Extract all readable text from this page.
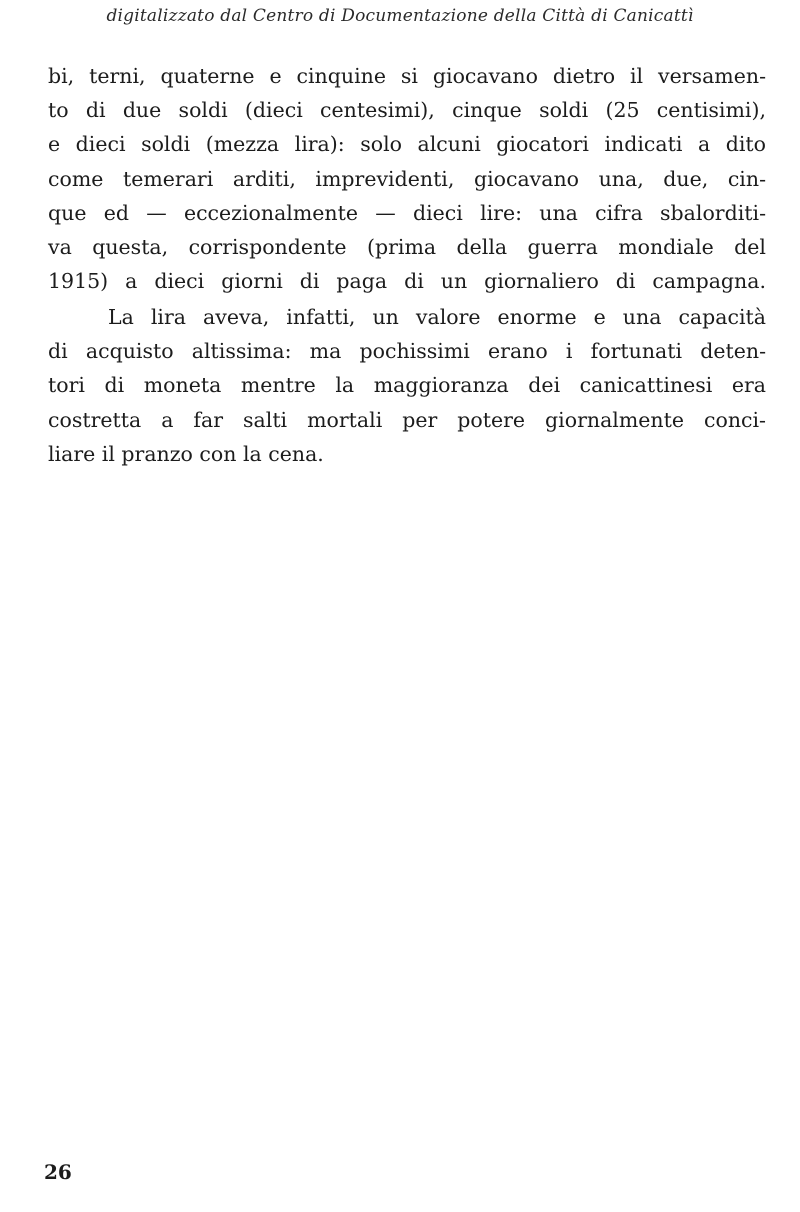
digitalizzato dal Centro di Documentazione della Città di Canicattì
bi, terni, quaterne e cinquine si giocavano dietro il versamen-
to di due soldi (dieci centesimi), cinque soldi (25 centisimi),
e dieci soldi (mezza lira): solo alcuni giocatori indicati a dito
come temerari arditi, imprevidenti, giocavano una, due, cin-
que ed — eccezionalmente — dieci lire: una cifra sbalorditi-
va questa, corrispondente (prima della guerra mondiale del
1915) a dieci giorni di paga di un giornaliero di campagna.
La lira aveva, infatti, un valore enorme e una capacità
di acquisto altissima: ma pochissimi erano i fortunati deten-
tori di moneta mentre la maggioranza dei canicattinesi era
costretta a far salti mortali per potere giornalmente conci-
liare il pranzo con la cena.
26
